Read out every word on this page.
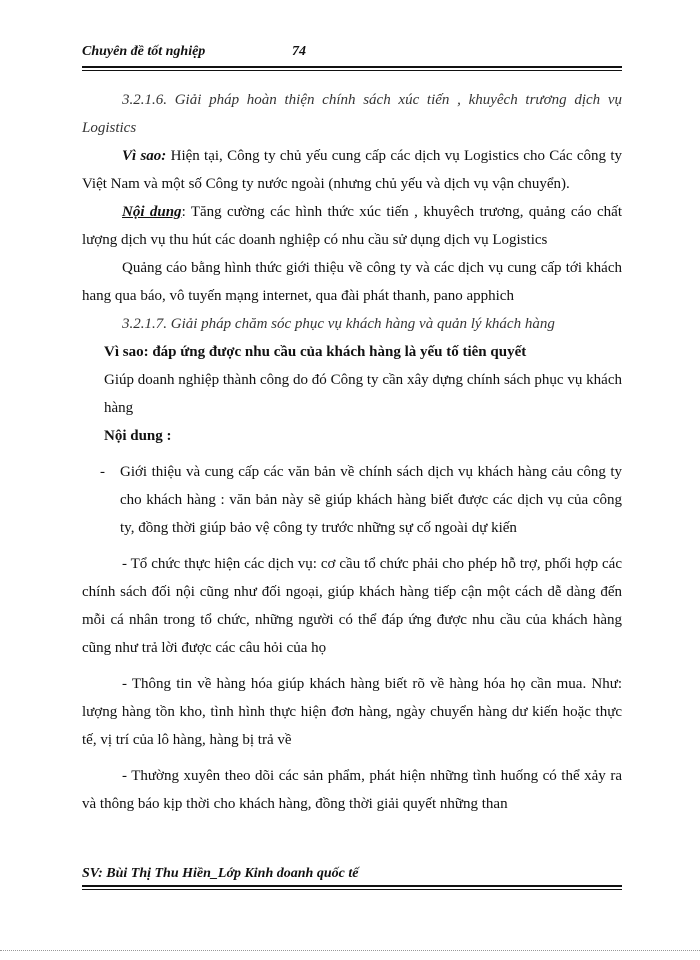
Chuyên đề tốt nghiệp	74

3.2.1.6. Giải pháp hoàn thiện chính sách xúc tiến , khuyêch trương dịch vụ Logistics

Vì sao: Hiện tại, Công ty chủ yếu cung cấp các dịch vụ Logistics cho Các công ty Việt Nam và một số Công ty nước ngoài (nhưng chủ yếu và dịch vụ vận chuyển).

Nội dung: Tăng cường các hình thức xúc tiến , khuyêch trương, quảng cáo chất lượng dịch vụ thu hút các doanh nghiệp có nhu cầu sử dụng dịch vụ Logistics

Quảng cáo bằng hình thức giới thiệu về công ty và các dịch vụ cung cấp tới khách hang qua báo, vô tuyến mạng internet, qua đài phát thanh, pano apphich

3.2.1.7. Giải pháp chăm sóc phục vụ khách hàng và quản lý khách hàng

Vì sao: đáp ứng được nhu cầu của khách hàng là yếu tố tiên quyết

Giúp doanh nghiệp thành công do đó Công ty cần xây dựng chính sách phục vụ khách hàng

Nội dung :

- Giới thiệu và cung cấp các văn bản về chính sách dịch vụ khách hàng cảu công ty cho khách hàng : văn bản này sẽ giúp khách hàng biết được các dịch vụ của công ty, đồng thời giúp bảo vệ công ty trước những sự cố ngoài dự kiến

- Tổ chức thực hiện các dịch vụ: cơ cầu tổ chức phải cho phép hỗ trợ, phối hợp các chính sách đối nội cũng như đối ngoại, giúp khách hàng tiếp cận một cách dễ dàng đến mỗi cá nhân trong tổ chức, những người có thể đáp ứng được nhu cầu của khách hàng cũng như trả lời được các câu hỏi của họ

- Thông tin về hàng hóa giúp khách hàng biết rõ về hàng hóa họ cần mua. Như: lượng hàng tồn kho, tình hình thực hiện đơn hàng, ngày chuyển hàng dư kiến hoặc thực tế, vị trí của lô hàng, hàng bị trả về

- Thường xuyên theo dõi các sản phẩm, phát hiện những tình huống có thể xảy ra và thông báo kịp thời cho khách hàng, đồng thời giải quyết những than

SV: Bùi Thị Thu Hiền_Lớp Kinh doanh quốc tế
